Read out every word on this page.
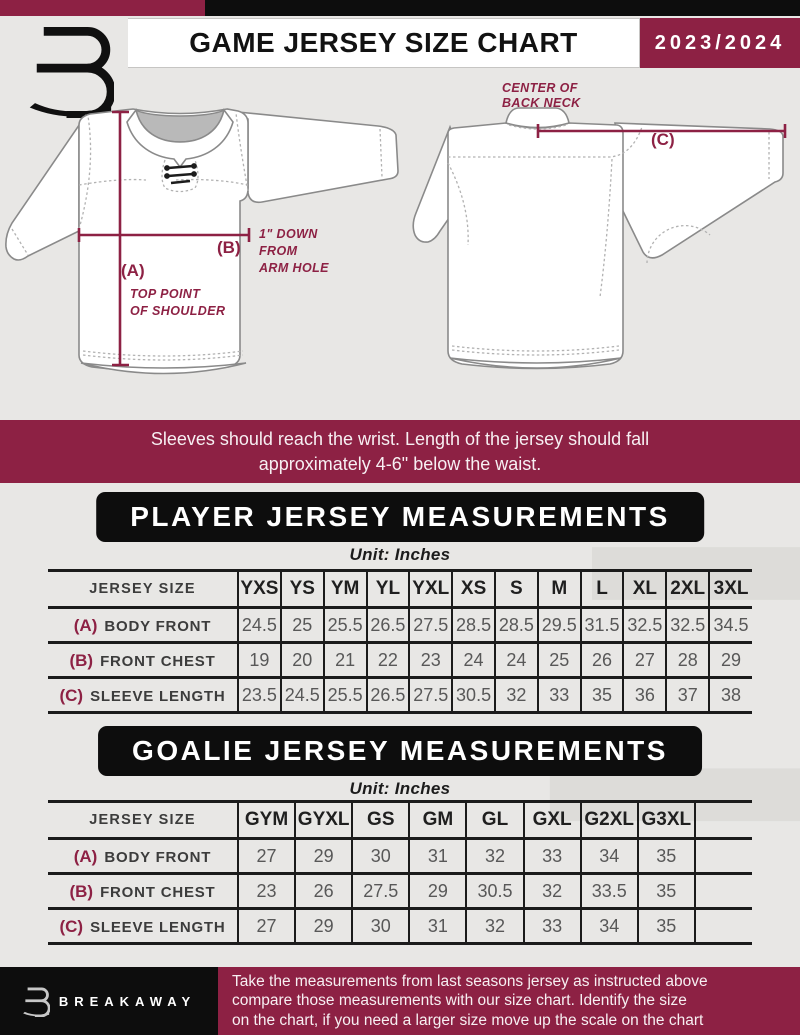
GAME JERSEY SIZE CHART	2023/2024
CENTER OF
BACK NECK
(C)
(B)
1" DOWN
FROM
ARM HOLE
(A)
TOP POINT
OF SHOULDER
Sleeves should reach the wrist. Length of the jersey should fall
approximately 4-6" below the waist.
PLAYER JERSEY MEASUREMENTS
Unit: Inches
JERSEY SIZE	YXS	YS	YM	YL	YXL	XS	S	M	L	XL	2XL	3XL
(A) BODY FRONT	24.5	25	25.5	26.5	27.5	28.5	28.5	29.5	31.5	32.5	32.5	34.5
(B) FRONT CHEST	19	20	21	22	23	24	24	25	26	27	28	29
(C) SLEEVE LENGTH	23.5	24.5	25.5	26.5	27.5	30.5	32	33	35	36	37	38
GOALIE JERSEY MEASUREMENTS
Unit: Inches
JERSEY SIZE	GYM	GYXL	GS	GM	GL	GXL	G2XL	G3XL	
(A) BODY FRONT	27	29	30	31	32	33	34	35	
(B) FRONT CHEST	23	26	27.5	29	30.5	32	33.5	35	
(C) SLEEVE LENGTH	27	29	30	31	32	33	34	35	
BREAKAWAY
Take the measurements from last seasons jersey as instructed above
compare those measurements with our size chart. Identify the size
on the chart, if you need a larger size move up the scale on the chart
